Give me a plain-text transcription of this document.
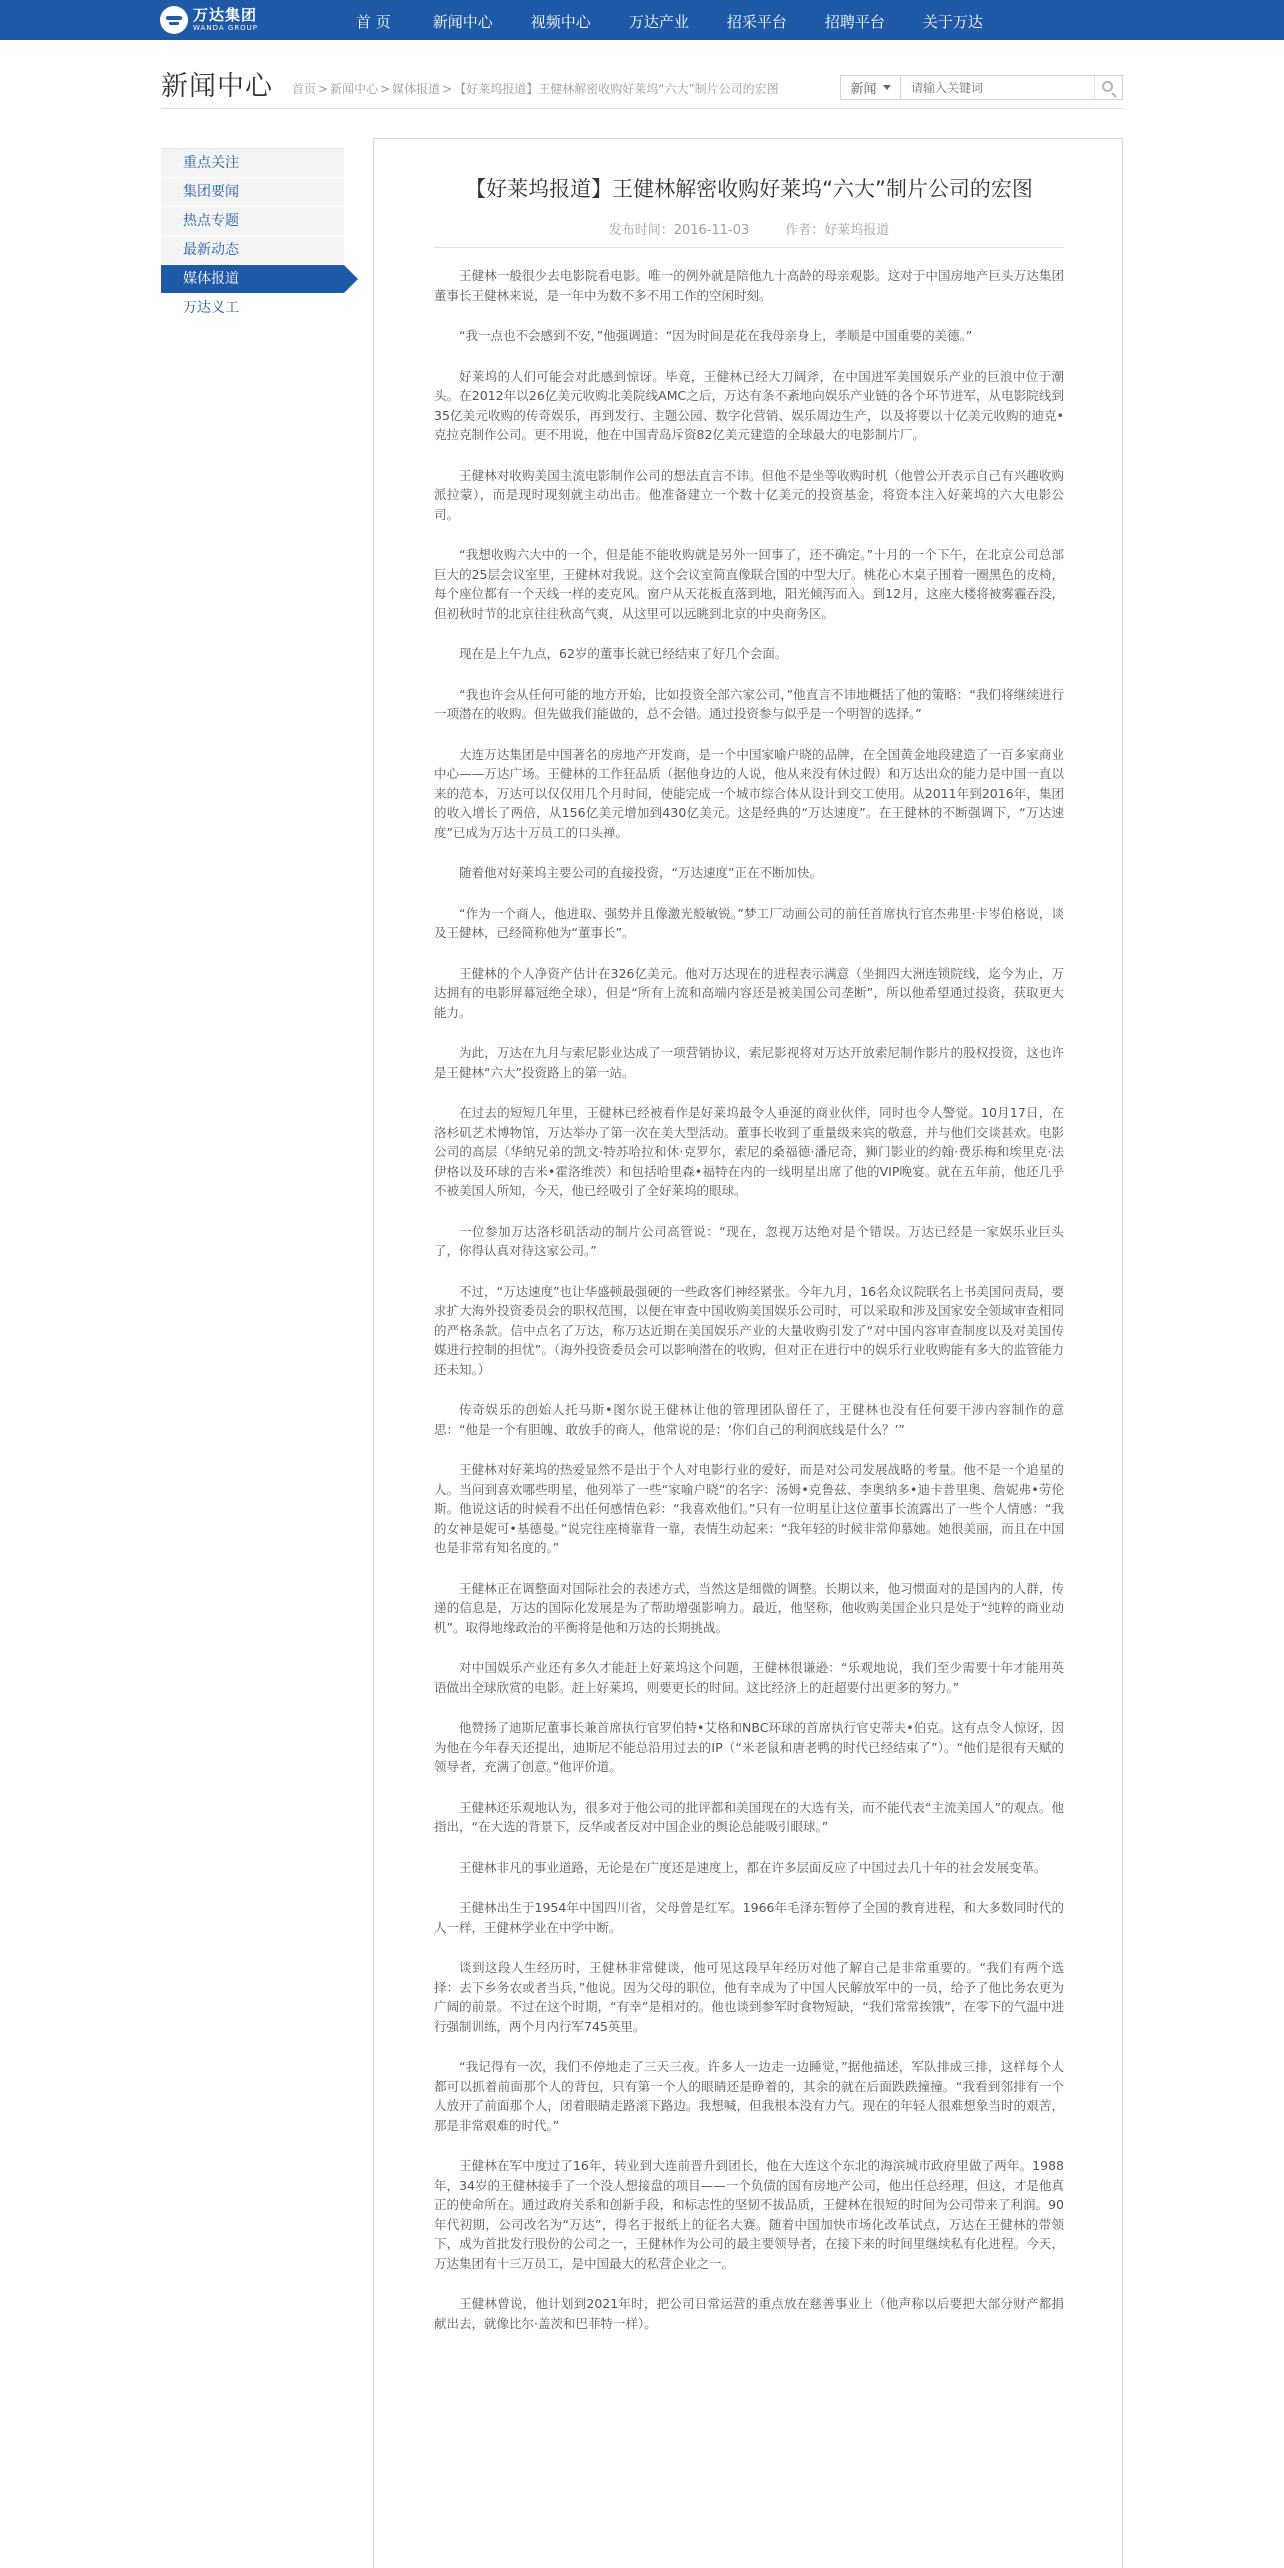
万达集团
WANDA GROUP	首 页	新闻中心	视频中心	万达产业	招采平台	招聘平台	关于万达
新闻中心 首页 > 新闻中心 > 媒体报道 > 【好莱坞报道】王健林解密收购好莱坞“六大”制片公司的宏图	新闻
请输入关键词
重点关注
集团要闻
热点专题
最新动态
媒体报道
万达义工
【好莱坞报道】王健林解密收购好莱坞“六大”制片公司的宏图
发布时间：2016-11-03	作者：好莱坞报道

王健林一般很少去电影院看电影。唯一的例外就是陪他九十高龄的母亲观影。这对于中国房地产巨头万达集团董事长王健林来说，是一年中为数不多不用工作的空闲时刻。

“我一点也不会感到不安，”他强调道：“因为时间是花在我母亲身上，孝顺是中国重要的美德。”

好莱坞的人们可能会对此感到惊讶。毕竟，王健林已经大刀阔斧，在中国进军美国娱乐产业的巨浪中位于潮头。在2012年以26亿美元收购北美院线AMC之后，万达有条不紊地向娱乐产业链的各个环节进军，从电影院线到35亿美元收购的传奇娱乐，再到发行、主题公园、数字化营销、娱乐周边生产，以及将要以十亿美元收购的迪克•克拉克制作公司。更不用说，他在中国青岛斥资82亿美元建造的全球最大的电影制片厂。

王健林对收购美国主流电影制作公司的想法直言不讳。但他不是坐等收购时机（他曾公开表示自己有兴趣收购派拉蒙），而是现时现刻就主动出击。他准备建立一个数十亿美元的投资基金，将资本注入好莱坞的六大电影公司。

“我想收购六大中的一个，但是能不能收购就是另外一回事了，还不确定。”十月的一个下午，在北京公司总部巨大的25层会议室里，王健林对我说。这个会议室简直像联合国的中型大厅。桃花心木桌子围着一圈黑色的皮椅，每个座位都有一个天线一样的麦克风。窗户从天花板直落到地，阳光倾泻而入。到12月，这座大楼将被雾霾吞没，但初秋时节的北京往往秋高气爽，从这里可以远眺到北京的中央商务区。

现在是上午九点，62岁的董事长就已经结束了好几个会面。

“我也许会从任何可能的地方开始，比如投资全部六家公司，”他直言不讳地概括了他的策略：“我们将继续进行一项潜在的收购。但先做我们能做的，总不会错。通过投资参与似乎是一个明智的选择。”

大连万达集团是中国著名的房地产开发商，是一个中国家喻户晓的品牌，在全国黄金地段建造了一百多家商业中心——万达广场。王健林的工作狂品质（据他身边的人说，他从来没有休过假）和万达出众的能力是中国一直以来的范本，万达可以仅仅用几个月时间，使能完成一个城市综合体从设计到交工使用。从2011年到2016年，集团的收入增长了两倍，从156亿美元增加到430亿美元。这是经典的“万达速度”。在王健林的不断强调下，“万达速度”已成为万达十万员工的口头禅。

随着他对好莱坞主要公司的直接投资，“万达速度”正在不断加快。

“作为一个商人，他进取、强势并且像激光般敏锐。”梦工厂动画公司的前任首席执行官杰弗里·卡岑伯格说，谈及王健林，已经简称他为“董事长”。

王健林的个人净资产估计在326亿美元。他对万达现在的进程表示满意（坐拥四大洲连锁院线，迄今为止，万达拥有的电影屏幕冠绝全球），但是“所有上流和高端内容还是被美国公司垄断”，所以他希望通过投资，获取更大能力。

为此，万达在九月与索尼影业达成了一项营销协议，索尼影视将对万达开放索尼制作影片的股权投资，这也许是王健林“六大”投资路上的第一站。

在过去的短短几年里，王健林已经被看作是好莱坞最令人垂涎的商业伙伴，同时也令人警觉。10月17日，在洛杉矶艺术博物馆，万达举办了第一次在美大型活动。董事长收到了重量级来宾的敬意，并与他们交谈甚欢。电影公司的高层（华纳兄弟的凯文·特苏哈拉和休·克罗尔，索尼的桑福德·潘尼奇，狮门影业的约翰·费乐梅和埃里克·法伊格以及环球的吉米•霍洛维茨）和包括哈里森•福特在内的一线明星出席了他的VIP晚宴。就在五年前，他还几乎不被美国人所知，今天，他已经吸引了全好莱坞的眼球。

一位参加万达洛杉矶活动的制片公司高管说：“现在，忽视万达绝对是个错误。万达已经是一家娱乐业巨头了，你得认真对待这家公司。”

不过，“万达速度”也让华盛顿最强硬的一些政客们神经紧张。今年九月，16名众议院联名上书美国问责局，要求扩大海外投资委员会的职权范围，以便在审查中国收购美国娱乐公司时，可以采取和涉及国家安全领域审查相同的严格条款。信中点名了万达，称万达近期在美国娱乐产业的大量收购引发了“对中国内容审查制度以及对美国传媒进行控制的担忧”。（海外投资委员会可以影响潜在的收购，但对正在进行中的娱乐行业收购能有多大的监管能力还未知。）

传奇娱乐的创始人托马斯•图尔说王健林让他的管理团队留任了，王健林也没有任何要干涉内容制作的意思：“他是一个有胆魄、敢放手的商人，他常说的是：‘你们自己的利润底线是什么？’”

王健林对好莱坞的热爱显然不是出于个人对电影行业的爱好，而是对公司发展战略的考量。他不是一个追星的人。当问到喜欢哪些明星，他列举了一些“家喻户晓”的名字：汤姆•克鲁兹、李奥纳多•迪卡普里奥、詹妮弗•劳伦斯。他说这话的时候看不出任何感情色彩：“我喜欢他们。”只有一位明星让这位董事长流露出了一些个人情感：“我的女神是妮可•基德曼。”说完往座椅靠背一靠，表情生动起来：“我年轻的时候非常仰慕她。她很美丽，而且在中国也是非常有知名度的。”

王健林正在调整面对国际社会的表述方式，当然这是细微的调整。长期以来，他习惯面对的是国内的人群，传递的信息是，万达的国际化发展是为了帮助增强影响力。最近，他坚称，他收购美国企业只是处于“纯粹的商业动机”。取得地缘政治的平衡将是他和万达的长期挑战。

对中国娱乐产业还有多久才能赶上好莱坞这个问题，王健林很谦逊：“乐观地说，我们至少需要十年才能用英语做出全球欣赏的电影。赶上好莱坞，则要更长的时间。这比经济上的赶超要付出更多的努力。”

他赞扬了迪斯尼董事长兼首席执行官罗伯特•艾格和NBC环球的首席执行官史蒂夫•伯克。这有点令人惊讶，因为他在今年春天还提出，迪斯尼不能总沿用过去的IP（“米老鼠和唐老鸭的时代已经结束了”）。“他们是很有天赋的领导者，充满了创意。”他评价道。

王健林还乐观地认为，很多对于他公司的批评都和美国现在的大选有关，而不能代表“主流美国人”的观点。他指出，“在大选的背景下，反华或者反对中国企业的舆论总能吸引眼球。”

王健林非凡的事业道路，无论是在广度还是速度上，都在许多层面反应了中国过去几十年的社会发展变革。

王健林出生于1954年中国四川省，父母曾是红军。1966年毛泽东暂停了全国的教育进程，和大多数同时代的人一样，王健林学业在中学中断。

谈到这段人生经历时，王健林非常健谈，他可见这段早年经历对他了解自己是非常重要的。“我们有两个选择：去下乡务农或者当兵，”他说。因为父母的职位，他有幸成为了中国人民解放军中的一员，给予了他比务农更为广阔的前景。不过在这个时期，“有幸”是相对的。他也谈到参军时食物短缺，“我们常常挨饿”，在零下的气温中进行强制训练，两个月内行军745英里。

“我记得有一次，我们不停地走了三天三夜。许多人一边走一边睡觉，”据他描述，军队排成三排，这样每个人都可以抓着前面那个人的背包，只有第一个人的眼睛还是睁着的，其余的就在后面跌跌撞撞。“我看到邻排有一个人放开了前面那个人，闭着眼睛走路滚下路边。我想喊，但我根本没有力气。现在的年轻人很难想象当时的艰苦，那是非常艰难的时代。”

王健林在军中度过了16年，转业到大连前晋升到团长，他在大连这个东北的海滨城市政府里做了两年。1988年，34岁的王健林接手了一个没人想接盘的项目——一个负债的国有房地产公司，他出任总经理，但这，才是他真正的使命所在。通过政府关系和创新手段，和标志性的坚韧不拔品质，王健林在很短的时间为公司带来了利润。90年代初期，公司改名为“万达”，得名于报纸上的征名大赛。随着中国加快市场化改革试点，万达在王健林的带领下，成为首批发行股份的公司之一，王健林作为公司的最主要领导者，在接下来的时间里继续私有化进程。今天，万达集团有十三万员工，是中国最大的私营企业之一。

王健林曾说，他计划到2021年时，把公司日常运营的重点放在慈善事业上（他声称以后要把大部分财产都捐献出去，就像比尔·盖茨和巴菲特一样）。
